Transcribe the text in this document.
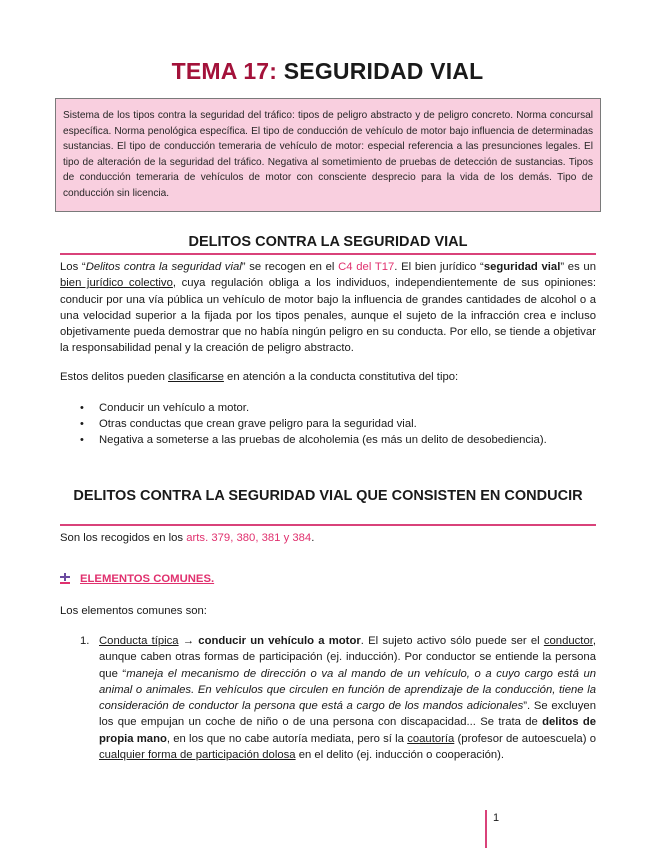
TEMA 17: SEGURIDAD VIAL
Sistema de los tipos contra la seguridad del tráfico: tipos de peligro abstracto y de peligro concreto. Norma concursal específica. Norma penológica específica. El tipo de conducción de vehículo de motor bajo influencia de determinadas sustancias. El tipo de conducción temeraria de vehículo de motor: especial referencia a las presunciones legales. El tipo de alteración de la seguridad del tráfico. Negativa al sometimiento de pruebas de detección de sustancias. Tipos de conducción temeraria de vehículos de motor con consciente desprecio para la vida de los demás. Tipo de conducción sin licencia.
DELITOS CONTRA LA SEGURIDAD VIAL
Los “Delitos contra la seguridad vial” se recogen en el C4 del T17. El bien jurídico “seguridad vial” es un bien jurídico colectivo, cuya regulación obliga a los individuos, independientemente de sus opiniones: conducir por una vía pública un vehículo de motor bajo la influencia de grandes cantidades de alcohol o a una velocidad superior a la fijada por los tipos penales, aunque el sujeto de la infracción crea e incluso objetivamente pueda demostrar que no había ningún peligro en su conducta. Por ello, se tiende a objetivar la responsabilidad penal y la creación de peligro abstracto.
Estos delitos pueden clasificarse en atención a la conducta constitutiva del tipo:
• Conducir un vehículo a motor.
• Otras conductas que crean grave peligro para la seguridad vial.
• Negativa a someterse a las pruebas de alcoholemia (es más un delito de desobediencia).
DELITOS CONTRA LA SEGURIDAD VIAL QUE CONSISTEN EN CONDUCIR
Son los recogidos en los arts. 379, 380, 381 y 384.
ELEMENTOS COMUNES.
Los elementos comunes son:
1. Conducta típica → conducir un vehículo a motor. El sujeto activo sólo puede ser el conductor, aunque caben otras formas de participación (ej. inducción). Por conductor se entiende la persona que “maneja el mecanismo de dirección o va al mando de un vehículo, o a cuyo cargo está un animal o animales. En vehículos que circulen en función de aprendizaje de la conducción, tiene la consideración de conductor la persona que está a cargo de los mandos adicionales”. Se excluyen los que empujan un coche de niño o de una persona con discapacidad... Se trata de delitos de propia mano, en los que no cabe autoría mediata, pero sí la coautoría (profesor de autoescuela) o cualquier forma de participación dolosa en el delito (ej. inducción o cooperación).
1
